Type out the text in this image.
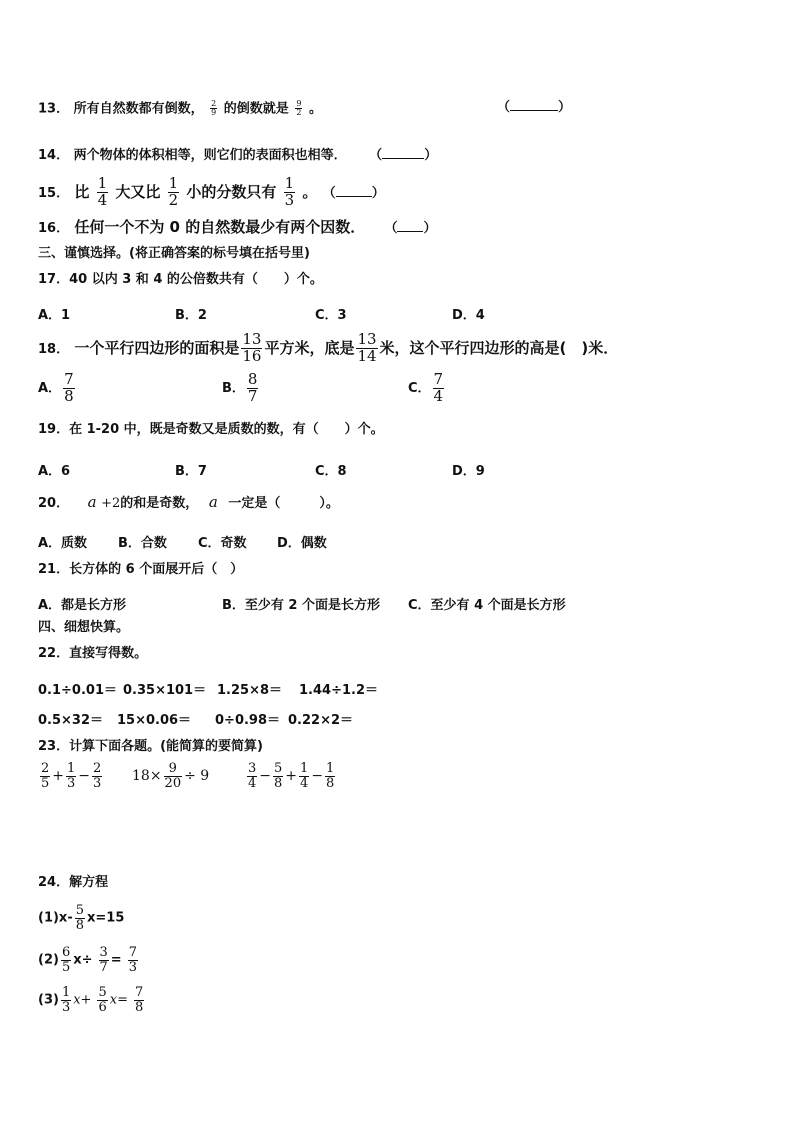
13． 所有自然数都有倒数， $\frac{2}{9}$ 的倒数就是 $\frac{9}{2}$ 。	（	）
14． 两个物体的体积相等，则它们的表面积也相等． （	）
15． 比 $\frac{1}{4}$ 大又比 $\frac{1}{2}$ 小的分数只有 $\frac{1}{3}$ 。 （	）
16． 任何一个不为 0 的自然数最少有两个因数． （ ）
三、谨慎选择。(将正确答案的标号填在括号里)
17．40 以内 3 和 4 的公倍数共有（　　）个。
A．1	B．2	C．3	D．4
18． 一个平行四边形的面积是 $\frac{13}{16}$ 平方米，底是 $\frac{13}{14}$ 米，这个平行四边形的高是(　)米．
A． $\frac{7}{8}$	B． $\frac{8}{7}$	C． $\frac{7}{4}$
19．在 1-20 中，既是奇数又是质数的数，有（　　）个。
A．6	B．7	C．8	D．9
20． a +2的和是奇数， a 一定是（　　　）。
A．质数 B．合数 C．奇数 D．偶数
21．长方体的 6 个面展开后（　）
A．都是长方形	B．至少有 2 个面是长方形 C．至少有 4 个面是长方形
四、细想快算。
22．直接写得数。
0.1÷0.01＝ 0.35×101＝ 1.25×8＝ 1.44÷1.2＝
0.5×32＝ 15×0.06＝ 0÷0.98＝ 0.22×2＝
23．计算下面各题。(能简算的要简算)
$\frac{2}{5} + \frac{1}{3} - \frac{2}{3} 18\times \frac{9}{20} \div 9$	$\frac{3}{4} - \frac{5}{8} + \frac{1}{4} - \frac{1}{8}$
24．解方程
$(1)x- \frac{5}{8} x=15$
$(2) \frac{6}{5} x\div \frac{3}{7} = \frac{7}{3}$
$(3) \frac{1}{3} x+ \frac{5}{6} x= \frac{7}{8}$
